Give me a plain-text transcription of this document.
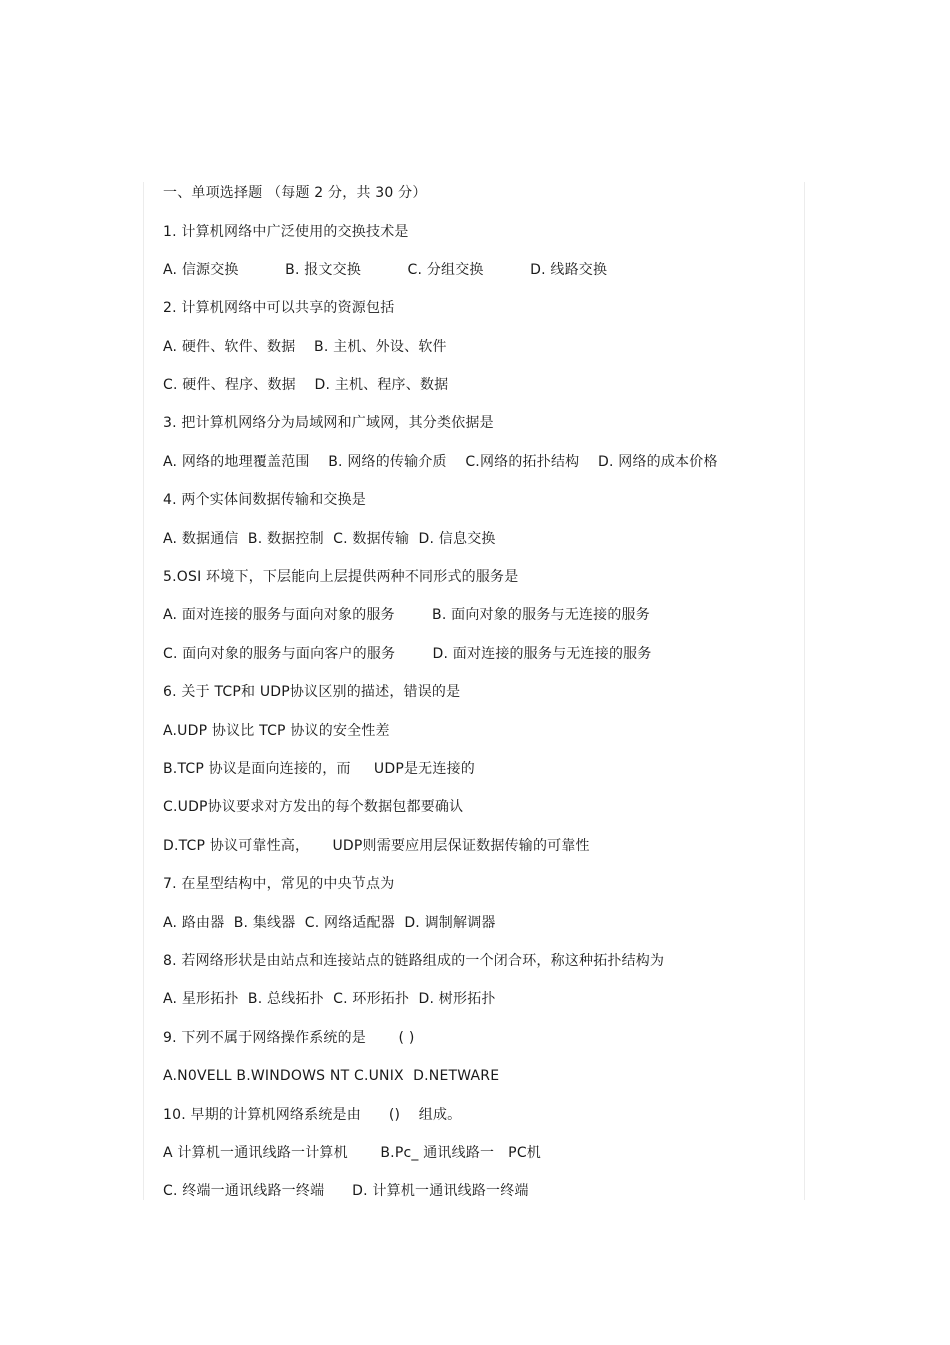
一、单项选择题 （每题 2 分，共 30 分）
1. 计算机网络中广泛使用的交换技术是
A. 信源交换          B. 报文交换          C. 分组交换          D. 线路交换
2. 计算机网络中可以共享的资源包括
A. 硬件、软件、数据    B. 主机、外设、软件
C. 硬件、程序、数据    D. 主机、程序、数据
3. 把计算机网络分为局域网和广域网，其分类依据是
A. 网络的地理覆盖范围    B. 网络的传输介质    C.网络的拓扑结构    D. 网络的成本价格
4. 两个实体间数据传输和交换是
A. 数据通信  B. 数据控制  C. 数据传输  D. 信息交换
5.OSI 环境下，下层能向上层提供两种不同形式的服务是
A. 面对连接的服务与面向对象的服务        B. 面向对象的服务与无连接的服务
C. 面向对象的服务与面向客户的服务        D. 面对连接的服务与无连接的服务
6. 关于 TCP和 UDP协议区别的描述，错误的是
A.UDP 协议比 TCP 协议的安全性差
B.TCP 协议是面向连接的，而     UDP是无连接的
C.UDP协议要求对方发出的每个数据包都要确认
D.TCP 协议可靠性高，     UDP则需要应用层保证数据传输的可靠性
7. 在星型结构中，常见的中央节点为
A. 路由器  B. 集线器  C. 网络适配器  D. 调制解调器
8. 若网络形状是由站点和连接站点的链路组成的一个闭合环，称这种拓扑结构为
A. 星形拓扑  B. 总线拓扑  C. 环形拓扑  D. 树形拓扑
9. 下列不属于网络操作系统的是       ( )
A.N0VELL B.WINDOWS NT C.UNIX  D.NETWARE
10. 早期的计算机网络系统是由      ()    组成。
A 计算机一通讯线路一计算机       B.Pc_ 通讯线路一   PC机
C. 终端一通讯线路一终端      D. 计算机一通讯线路一终端
